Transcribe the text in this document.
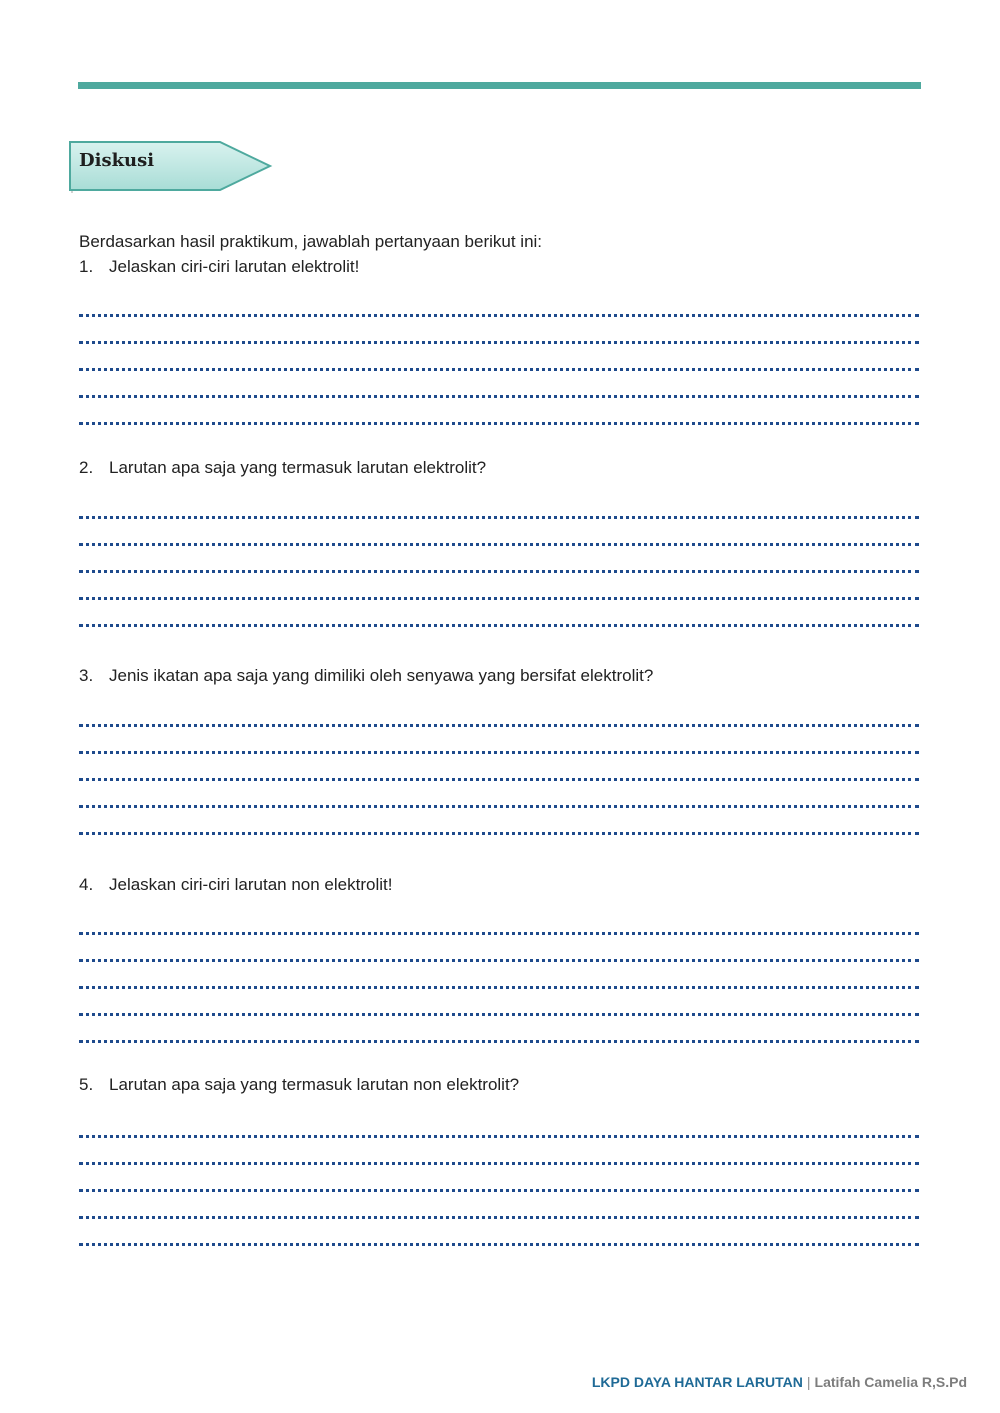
Diskusi

Berdasarkan hasil praktikum, jawablah pertanyaan berikut ini:

1. Jelaskan ciri-ciri larutan elektrolit!
2. Larutan apa saja yang termasuk larutan elektrolit?
3. Jenis ikatan apa saja yang dimiliki oleh senyawa yang bersifat elektrolit?
4. Jelaskan ciri-ciri larutan non elektrolit!
5. Larutan apa saja yang termasuk larutan non elektrolit?
LKPD DAYA HANTAR LARUTAN | Latifah Camelia R,S.Pd
